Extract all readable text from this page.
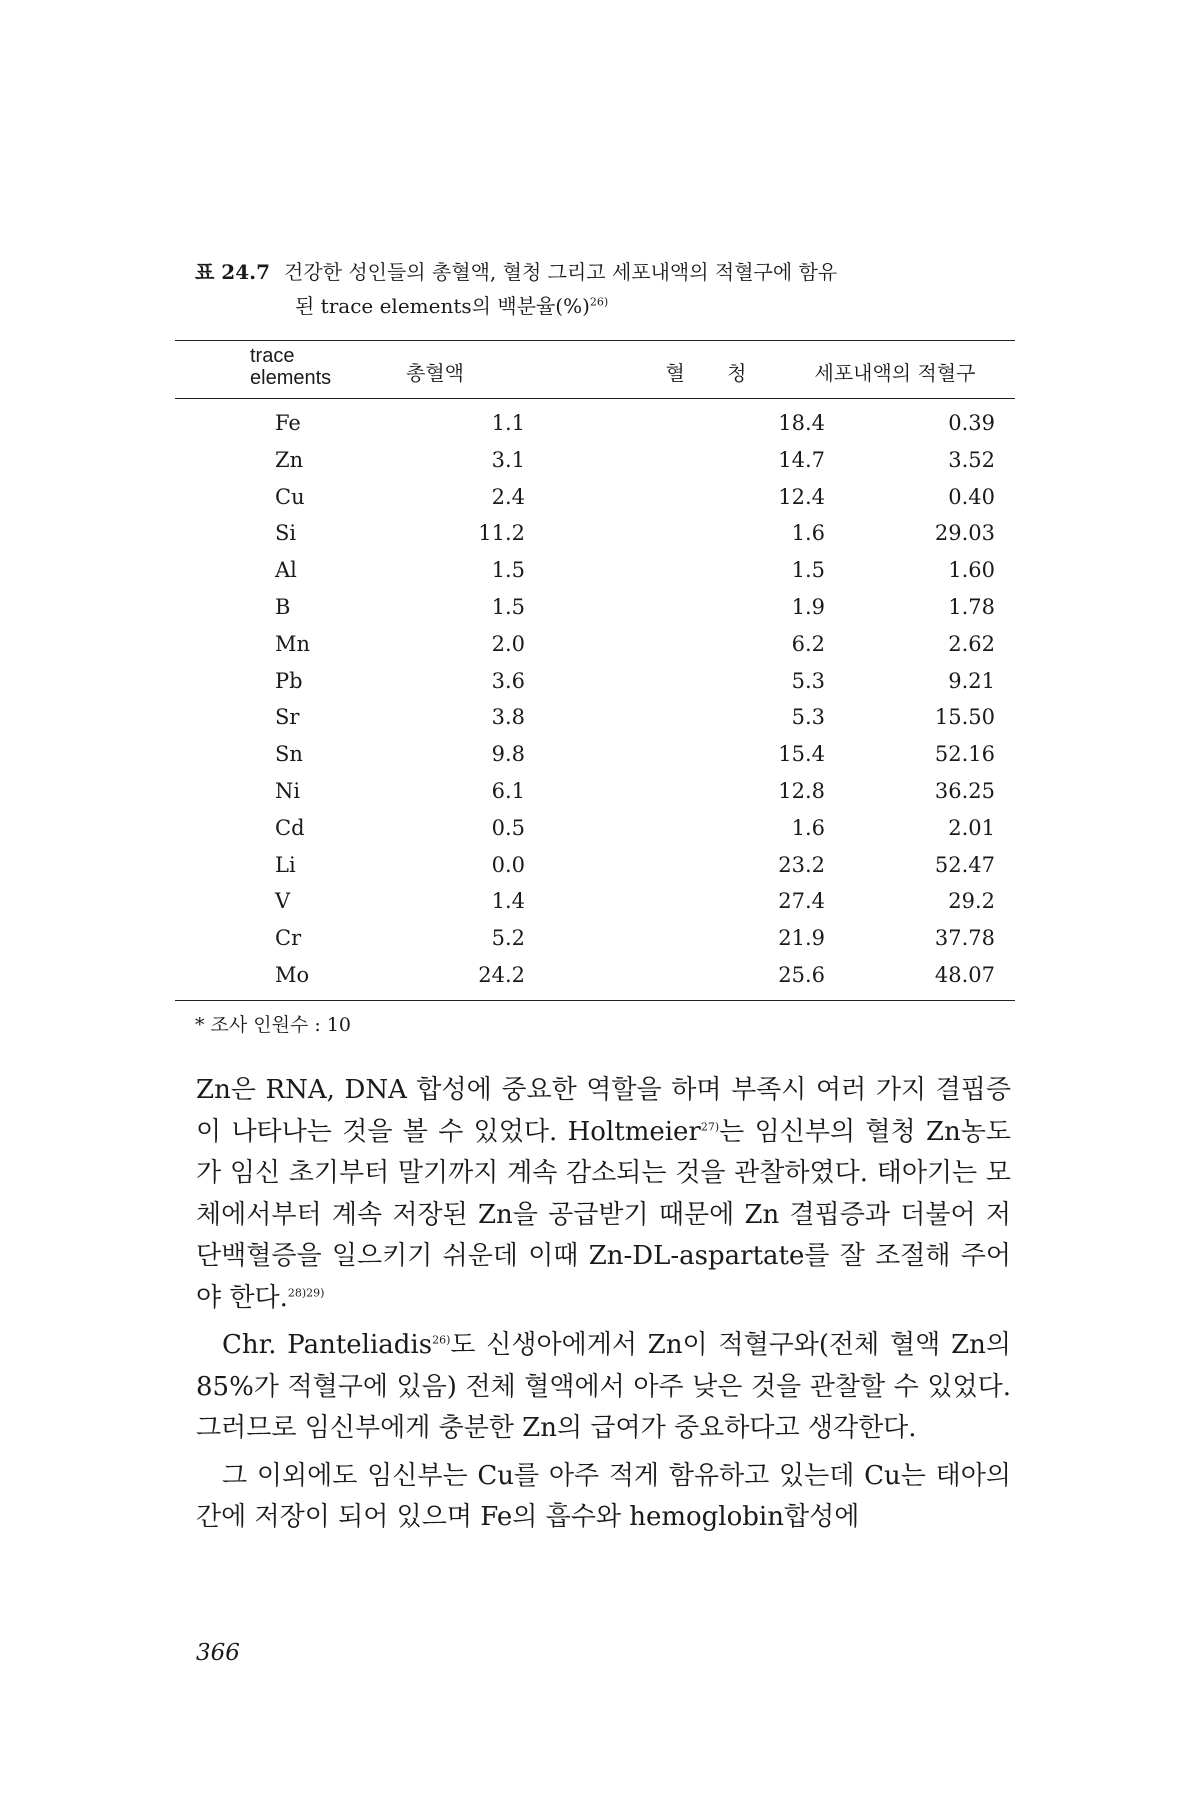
표 24.7 건강한 성인들의 총혈액, 혈청 그리고 세포내액의 적혈구에 함유
된 trace elements의 백분율(%)$^{26)}$
trace elements	총혈액	혈 청	세포내액의 적혈구
Fe	1.1	18.4	0.39
Zn	3.1	14.7	3.52
Cu	2.4	12.4	0.40
Si	11.2	1.6	29.03
Al	1.5	1.5	1.60
B	1.5	1.9	1.78
Mn	2.0	6.2	2.62
Pb	3.6	5.3	9.21
Sr	3.8	5.3	15.50
Sn	9.8	15.4	52.16
Ni	6.1	12.8	36.25
Cd	0.5	1.6	2.01
Li	0.0	23.2	52.47
V	1.4	27.4	29.2
Cr	5.2	21.9	37.78
Mo	24.2	25.6	48.07
* 조사 인원수 : 10

Zn은 RNA, DNA 합성에 중요한 역할을 하며 부족시 여러 가지 결핍증이 나타나는 것을 볼 수 있었다. Holtmeier$^{27)}$는 임신부의 혈청 Zn농도가 임신 초기부터 말기까지 계속 감소되는 것을 관찰하였다. 태아기는 모체에서부터 계속 저장된 Zn을 공급받기 때문에 Zn 결핍증과 더불어 저단백혈증을 일으키기 쉬운데 이때 Zn-DL-aspartate를 잘 조절해 주어야 한다.$^{28)29)}$

Chr. Panteliadis$^{26)}$도 신생아에게서 Zn이 적혈구와(전체 혈액 Zn의 85%가 적혈구에 있음) 전체 혈액에서 아주 낮은 것을 관찰할 수 있었다. 그러므로 임신부에게 충분한 Zn의 급여가 중요하다고 생각한다.

그 이외에도 임신부는 Cu를 아주 적게 함유하고 있는데 Cu는 태아의 간에 저장이 되어 있으며 Fe의 흡수와 hemoglobin합성에

366
